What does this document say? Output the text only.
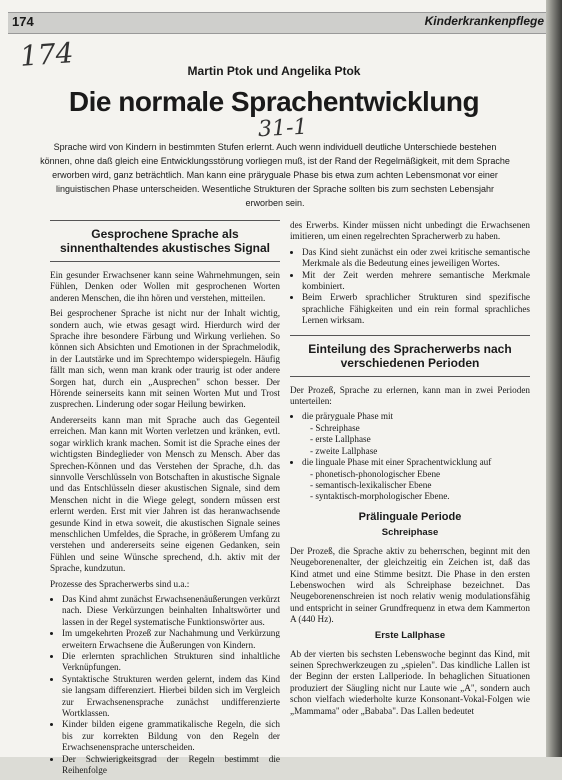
174	Kinderkrankenpflege
174
31-1
Martin Ptok und Angelika Ptok
Die normale Sprachentwicklung
Sprache wird von Kindern in bestimmten Stufen erlernt. Auch wenn individuell deutliche Unterschiede bestehen können, ohne daß gleich eine Entwicklungsstörung vorliegen muß, ist der Rand der Regelmäßigkeit, mit dem Sprache erworben wird, ganz beträchtlich. Man kann eine präryguale Phase bis etwa zum achten Lebensmonat vor einer linguistischen Phase unterscheiden. Wesentliche Strukturen der Sprache sollten bis zum sechsten Lebensjahr erworben sein.
Gesprochene Sprache als sinnenthaltendes akustisches Signal

Ein gesunder Erwachsener kann seine Wahrnehmungen, sein Fühlen, Denken oder Wollen mit gesprochenen Worten anderen Menschen, die ihn hören und verstehen, mitteilen.

Bei gesprochener Sprache ist nicht nur der Inhalt wichtig, sondern auch, wie etwas gesagt wird. Hierdurch wird der Sprache ihre besondere Färbung und Wirkung verliehen. So können sich Absichten und Emotionen in der Sprachmelodik, in der Lautstärke und im Sprechtempo widerspiegeln. Häufig fällt man sich, wenn man krank oder traurig ist oder andere Sorgen hat, durch ein „Ausprechen" schon besser. Der Hörende seinerseits kann mit seinen Worten Mut und Trost zusprechen. Linderung oder sogar Heilung bewirken.

Andererseits kann man mit Sprache auch das Gegenteil erreichen. Man kann mit Worten verletzen und kränken, evtl. sogar wirklich krank machen. Somit ist die Sprache eines der wichtigsten Bindeglieder von Mensch zu Mensch. Aber das Sprechen-Können und das Verstehen der Sprache, d.h. das sinnvolle Verschlüsseln von Botschaften in akustische Signale und das Entschlüsseln dieser akustischen Signale, sind dem Menschen nicht in die Wiege gelegt, sondern müssen erst erlernt werden. Erst mit vier Jahren ist das heranwachsende gesunde Kind in etwa soweit, die akustischen Signale seines menschlichen Umfeldes, die Sprache, in größerem Umfang zu verstehen und andererseits seine eigenen Gedanken, sein Fühlen und seine Wünsche sprechend, d.h. aktiv mit der Sprache, kundzutun.

Prozesse des Spracherwerbs sind u.a.:

• Das Kind ahmt zunächst Erwachsenenäußerungen verkürzt nach. Diese Verkürzungen beinhalten Inhaltswörter und lassen in der Regel systematische Funktionswörter aus.
• Im umgekehrten Prozeß zur Nachahmung und Verkürzung erweitern Erwachsene die Äußerungen von Kindern.
• Die erlernten sprachlichen Strukturen sind inhaltliche Verknüpfungen.
• Syntaktische Strukturen werden gelernt, indem das Kind sie langsam differenziert. Hierbei bilden sich im Vergleich zur Erwachsenensprache zunächst undifferenzierte Wortklassen.
• Kinder bilden eigene grammatikalische Regeln, die sich bis zur korrekten Bildung von den Regeln der Erwachsenensprache unterscheiden.
• Der Schwierigkeitsgrad der Regeln bestimmt die Reihenfolge

des Erwerbs. Kinder müssen nicht unbedingt die Erwachsenen imitieren, um einen regelrechten Spracherwerb zu haben.

• Das Kind sieht zunächst ein oder zwei kritische semantische Merkmale als die Bedeutung eines jeweiligen Wortes.
• Mit der Zeit werden mehrere semantische Merkmale kombiniert.
• Beim Erwerb sprachlicher Strukturen sind spezifische sprachliche Fähigkeiten und ein rein formal sprachliches Lernen wirksam.
Einteilung des Spracherwerbs nach verschiedenen Perioden

Der Prozeß, Sprache zu erlernen, kann man in zwei Perioden unterteilen:

• die präryguale Phase mit
- Schreiphase
- erste Lallphase
- zweite Lallphase
• die linguale Phase mit einer Sprachentwicklung auf
- phonetisch-phonologischer Ebene
- semantisch-lexikalischer Ebene
- syntaktisch-morphologischer Ebene.
Prälinguale Periode
Schreiphase

Der Prozeß, die Sprache aktiv zu beherrschen, beginnt mit den Neugeborenenalter, der gleichzeitig ein Zeichen ist, daß das Kind atmet und eine Stimme besitzt. Die Phase in den ersten Lebenswochen wird als Schreiphase bezeichnet. Das Neugeborenenschreien ist noch relativ wenig modulationsfähig und entspricht in seiner Grundfrequenz in etwa dem Kammerton A (440 Hz).

Erste Lallphase

Ab der vierten bis sechsten Lebenswoche beginnt das Kind, mit seinen Sprechwerkzeugen zu „spielen". Das kindliche Lallen ist der Beginn der ersten Lallperiode. In behaglichen Situationen produziert der Säugling nicht nur Laute wie „A", sondern auch schon vielfach wiederholte kurze Konsonant-Vokal-Folgen wie „Mammama" oder „Bababa". Das Lallen bedeutet
